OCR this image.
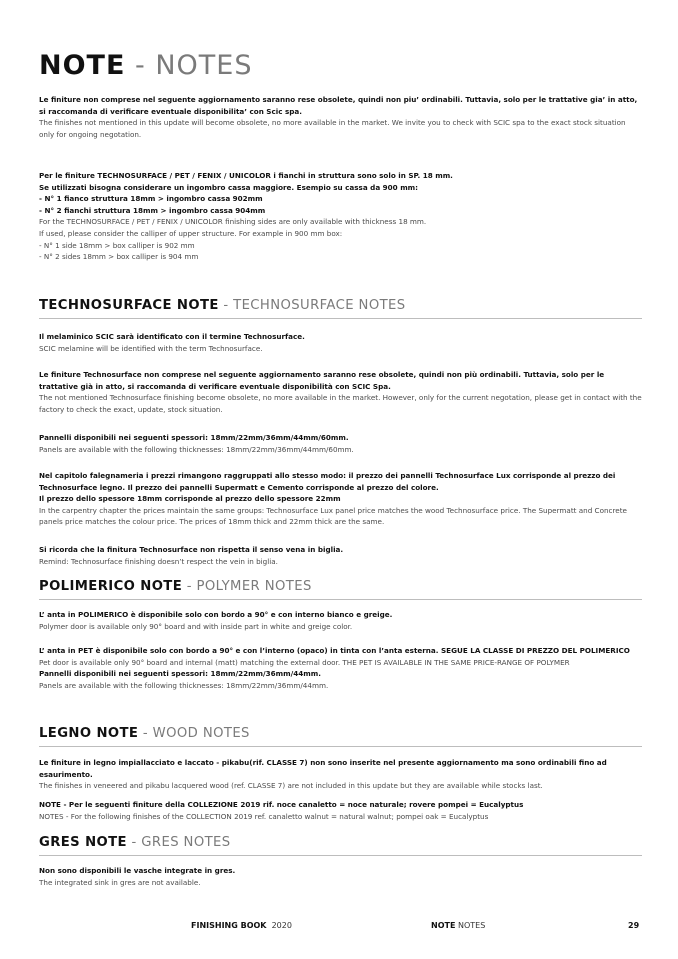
NOTE - NOTES

Le finiture non comprese nel seguente aggiornamento saranno rese obsolete, quindi non piu’ ordinabili. Tuttavia, solo per le trattative gia’ in atto, si raccomanda di verificare eventuale disponibilita’ con Scic spa.

The finishes not mentioned in this update will become obsolete, no more available in the market. We invite you to check with SCIC spa to the exact stock situation only for ongoing negotation.

Per le finiture TECHNOSURFACE / PET / FENIX / UNICOLOR i fianchi in struttura sono solo in SP. 18 mm.

Se utilizzati bisogna considerare un ingombro cassa maggiore. Esempio su cassa da 900 mm:

- N° 1 fianco struttura 18mm > ingombro cassa 902mm

- N° 2 fianchi struttura 18mm > ingombro cassa 904mm

For the TECHNOSURFACE / PET / FENIX / UNICOLOR finishing sides are only available with thickness 18 mm.

If used, please consider the calliper of upper structure. For example in 900 mm box:

- N° 1 side 18mm > box calliper is 902 mm

- N° 2 sides 18mm > box calliper is 904 mm

TECHNOSURFACE NOTE - TECHNOSURFACE NOTES

Il melaminico SCIC sarà identificato con il termine Technosurface.

SCIC melamine will be identified with the term Technosurface.

Le finiture Technosurface non comprese nel seguente aggiornamento saranno rese obsolete, quindi non più ordinabili. Tuttavia, solo per le trattative già in atto, si raccomanda di verificare eventuale disponibilità con SCIC Spa.

The not mentioned Technosurface finishing become obsolete, no more available in the market. However, only for the current negotation, please get in contact with the factory to check the exact, update, stock situation.

Pannelli disponibili nei seguenti spessori: 18mm/22mm/36mm/44mm/60mm.

Panels are available with the following thicknesses: 18mm/22mm/36mm/44mm/60mm.

Nel capitolo falegnameria i prezzi rimangono raggruppati allo stesso modo: il prezzo dei pannelli Technosurface Lux corrisponde al prezzo dei Technosurface legno. Il prezzo dei pannelli Supermatt e Cemento corrisponde al prezzo del colore.

Il prezzo dello spessore 18mm corrisponde al prezzo dello spessore 22mm

In the carpentry chapter the prices maintain the same groups: Technosurface Lux panel price matches the wood Technosurface price. The Supermatt and Concrete panels price matches the colour price. The prices of 18mm thick and 22mm thick are the same.

Si ricorda che la finitura Technosurface non rispetta il senso vena in biglia.

Remind: Technosurface finishing doesn’t respect the vein in biglia.

POLIMERICO NOTE - POLYMER NOTES

L’ anta in POLIMERICO è disponibile solo con bordo a 90° e con interno bianco e greige.

Polymer door is available only 90° board and with inside part in white and greige color.

L’ anta in PET è disponibile solo con bordo a 90° e con l’interno (opaco) in tinta con l’anta esterna. SEGUE LA CLASSE DI PREZZO DEL POLIMERICO Pet door is available only 90° board and internal (matt) matching the external door. THE PET IS AVAILABLE IN THE SAME PRICE-RANGE OF POLYMER

Pannelli disponibili nei seguenti spessori: 18mm/22mm/36mm/44mm.

Panels are available with the following thicknesses: 18mm/22mm/36mm/44mm.

LEGNO NOTE - WOOD NOTES

Le finiture in legno impiallacciato e laccato - pikabu(rif. CLASSE 7) non sono inserite nel presente aggiornamento ma sono ordinabili fino ad esaurimento.

The finishes in veneered and pikabu lacquered wood (ref. CLASSE 7) are not included in this update but they are available while stocks last.

NOTE - Per le seguenti finiture della COLLEZIONE 2019 rif. noce canaletto = noce naturale; rovere pompei = Eucalyptus

NOTES - For the following finishes of the COLLECTION 2019 ref. canaletto walnut = natural walnut; pompei oak = Eucalyptus

GRES NOTE - GRES NOTES

Non sono disponibili le vasche integrate in gres.

The integrated sink in gres are not available.

FINISHING BOOK 2020	NOTE NOTES	29
